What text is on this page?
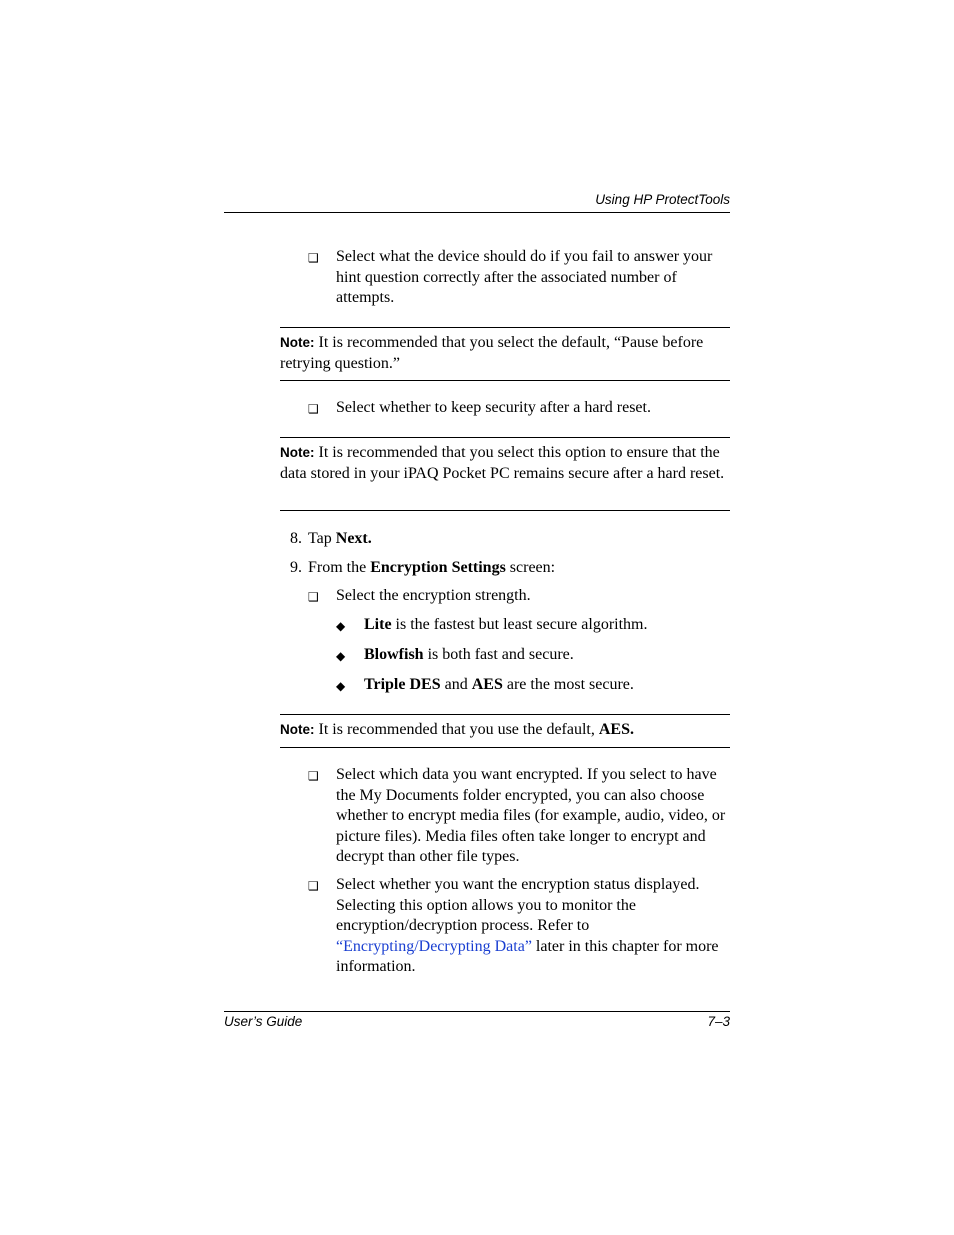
Using HP ProtectTools
❑ Select what the device should do if you fail to answer your hint question correctly after the associated number of attempts.
Note: It is recommended that you select the default, “Pause before retrying question.”
❑ Select whether to keep security after a hard reset.
Note: It is recommended that you select this option to ensure that the data stored in your iPAQ Pocket PC remains secure after a hard reset.
8. Tap Next.
9. From the Encryption Settings screen:
❑ Select the encryption strength.
◆ Lite is the fastest but least secure algorithm.
◆ Blowfish is both fast and secure.
◆ Triple DES and AES are the most secure.
Note: It is recommended that you use the default, AES.
❑ Select which data you want encrypted. If you select to have the My Documents folder encrypted, you can also choose whether to encrypt media files (for example, audio, video, or picture files). Media files often take longer to encrypt and decrypt than other file types.
❑ Select whether you want the encryption status displayed. Selecting this option allows you to monitor the encryption/decryption process. Refer to “Encrypting/Decrypting Data” later in this chapter for more information.
User’s Guide	7–3
